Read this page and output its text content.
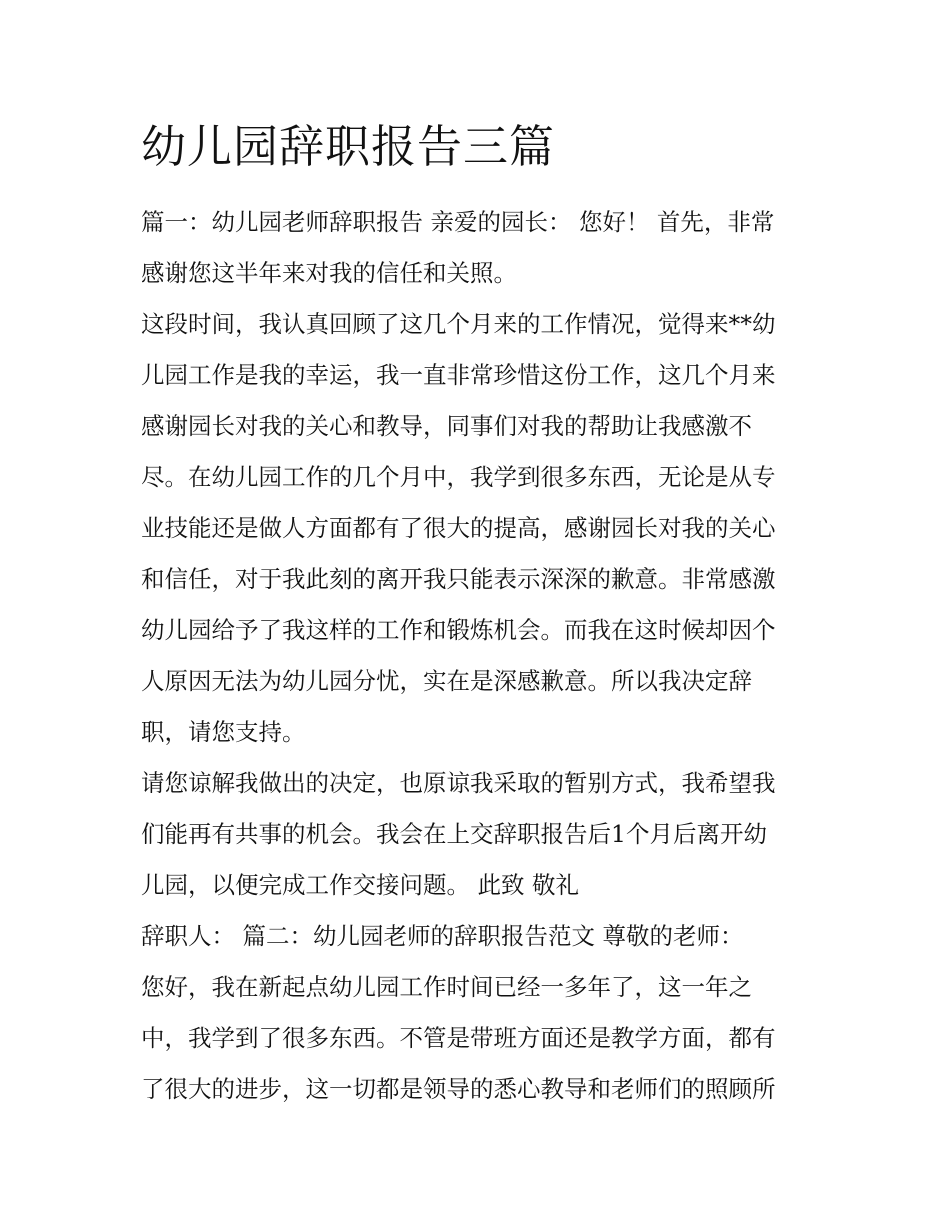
幼儿园辞职报告三篇

篇一：幼儿园老师辞职报告 亲爱的园长： 您好！ 首先，非常

感谢您这半年来对我的信任和关照。

这段时间，我认真回顾了这几个月来的工作情况，觉得来**幼

儿园工作是我的幸运，我一直非常珍惜这份工作，这几个月来

感谢园长对我的关心和教导，同事们对我的帮助让我感激不

尽。在幼儿园工作的几个月中，我学到很多东西，无论是从专

业技能还是做人方面都有了很大的提高，感谢园长对我的关心

和信任，对于我此刻的离开我只能表示深深的歉意。非常感激

幼儿园给予了我这样的工作和锻炼机会。而我在这时候却因个

人原因无法为幼儿园分忧，实在是深感歉意。所以我决定辞

职，请您支持。

请您谅解我做出的决定，也原谅我采取的暂别方式，我希望我

们能再有共事的机会。我会在上交辞职报告后1个月后离开幼

儿园，以便完成工作交接问题。 此致 敬礼

辞职人： 篇二：幼儿园老师的辞职报告范文 尊敬的老师：

您好，我在新起点幼儿园工作时间已经一多年了，这一年之

中，我学到了很多东西。不管是带班方面还是教学方面，都有

了很大的进步，这一切都是领导的悉心教导和老师们的照顾所
